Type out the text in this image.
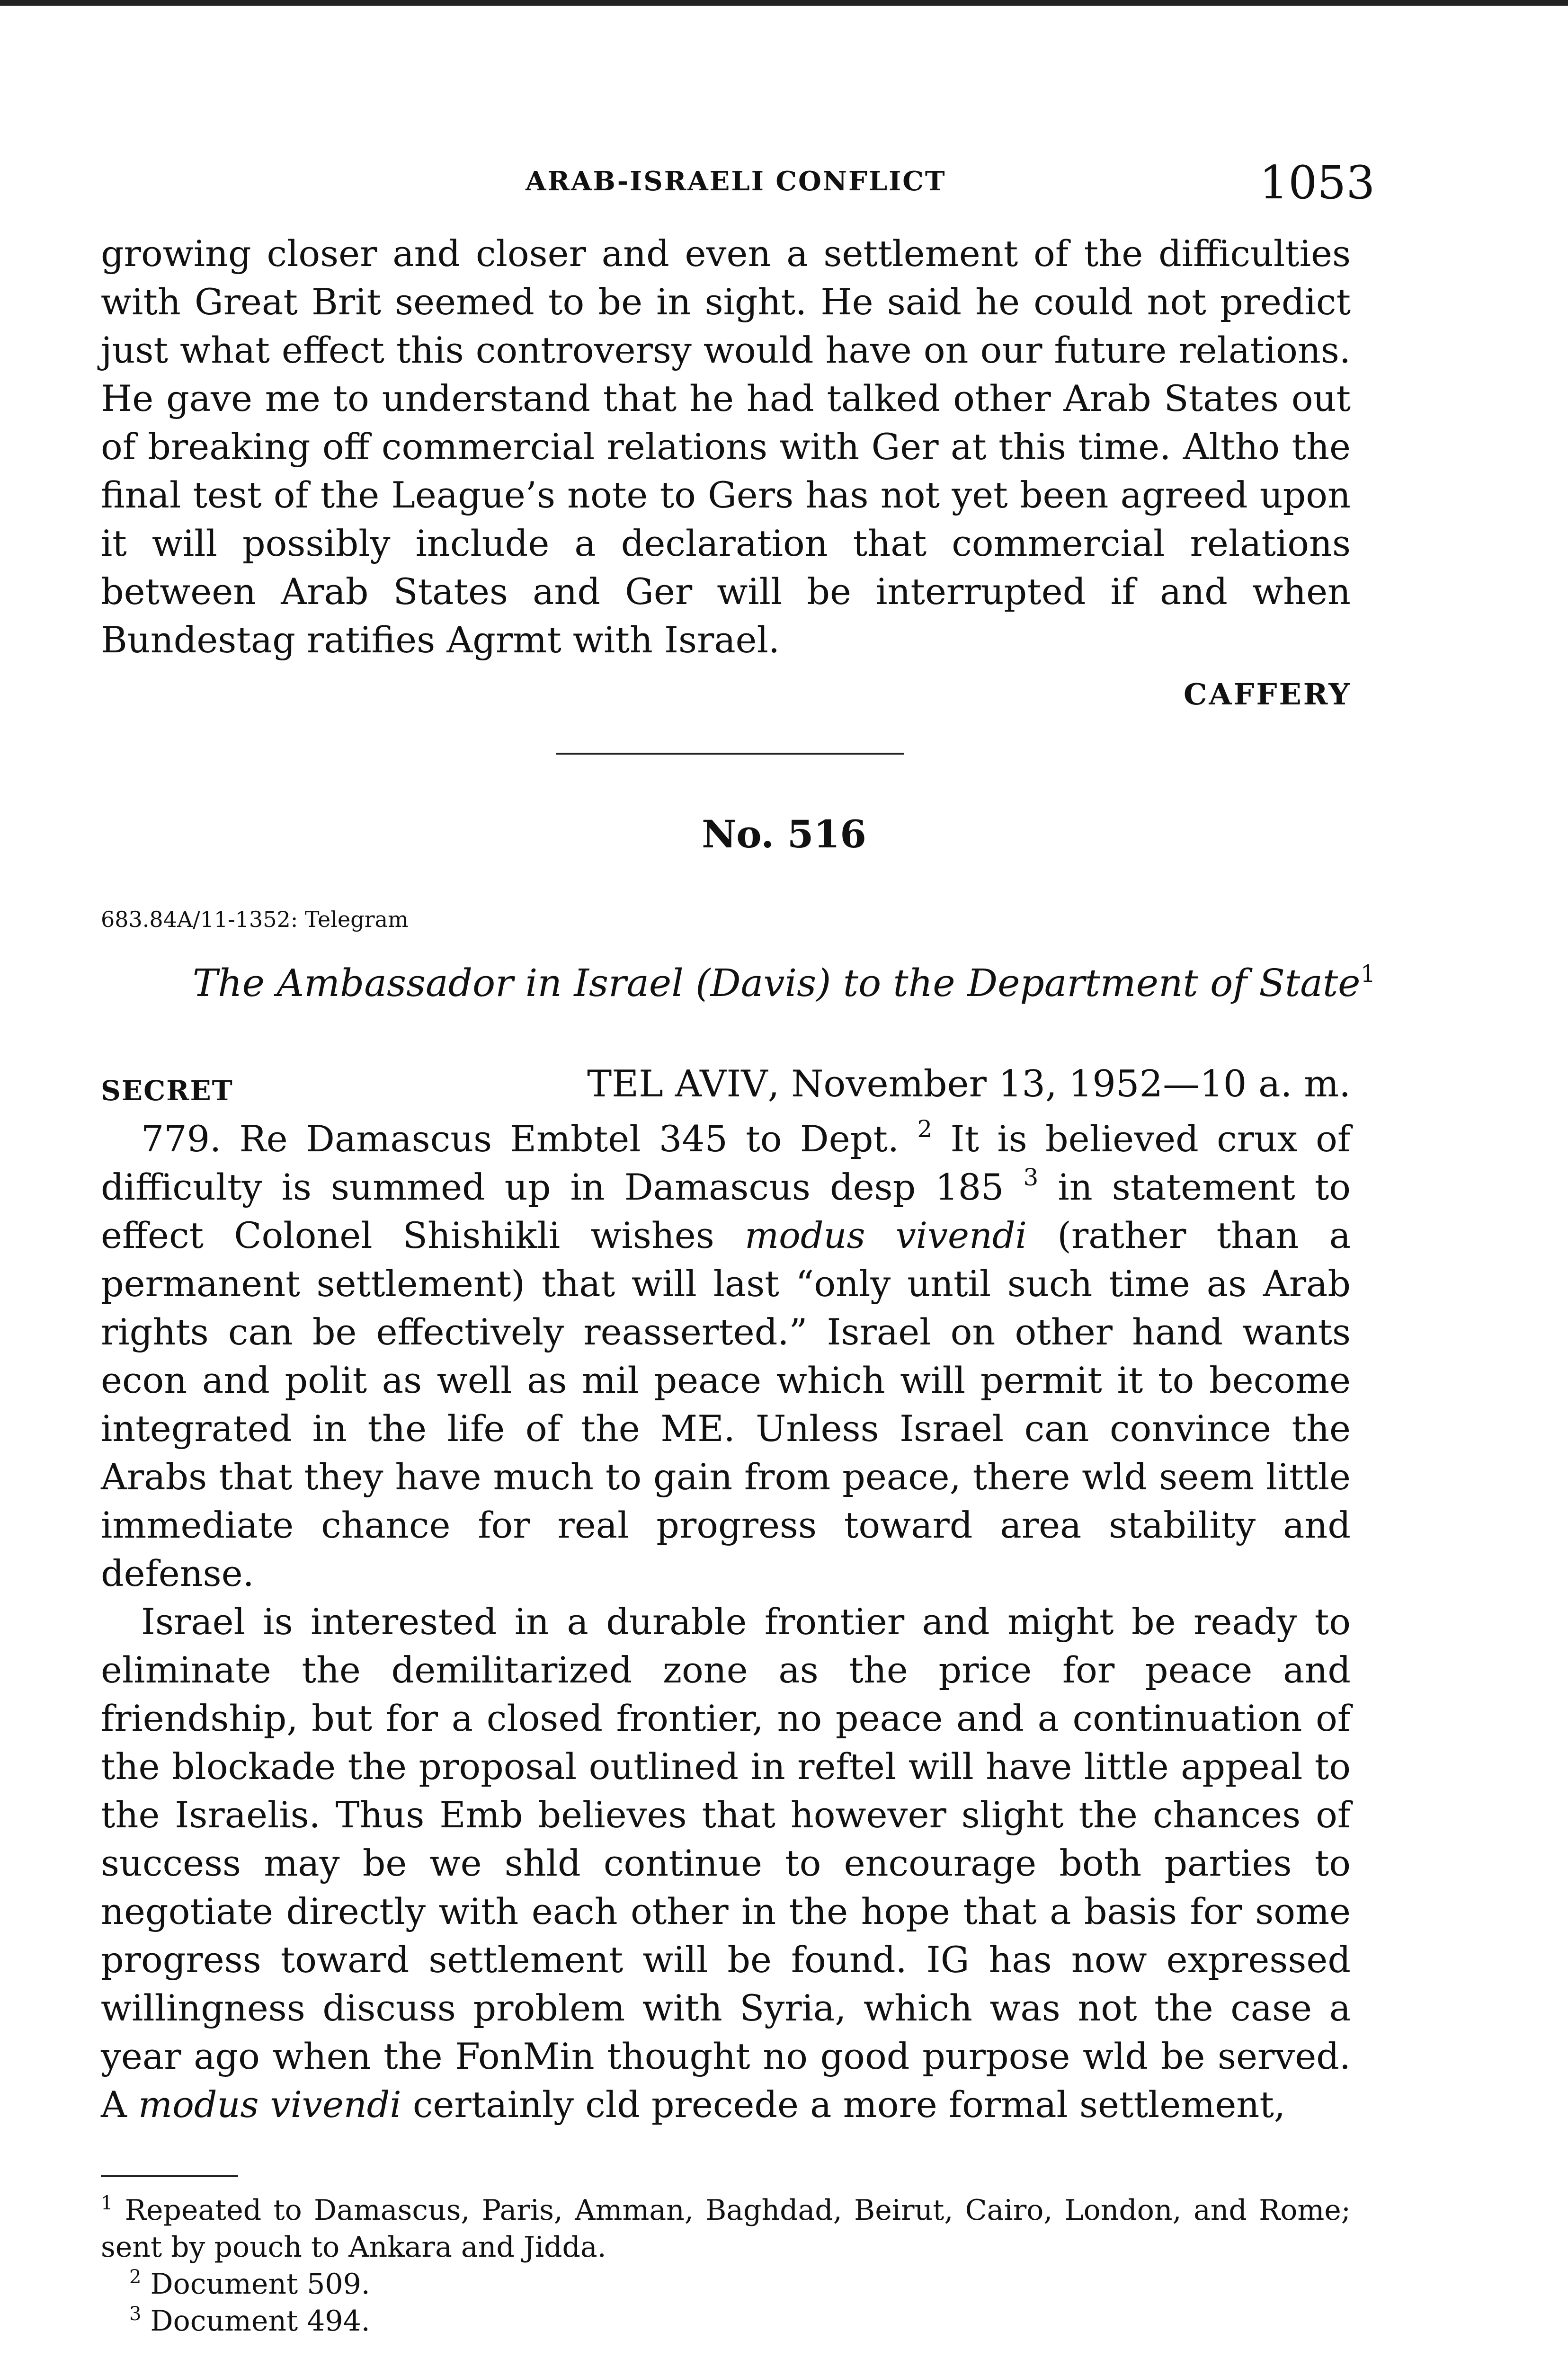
ARAB-ISRAELI CONFLICT	1053

growing closer and closer and even a settlement of the difficulties with Great Brit seemed to be in sight. He said he could not predict just what effect this controversy would have on our future relations. He gave me to understand that he had talked other Arab States out of breaking off commercial relations with Ger at this time. Altho the final test of the League’s note to Gers has not yet been agreed upon it will possibly include a declaration that commercial relations between Arab States and Ger will be interrupted if and when Bundestag ratifies Agrmt with Israel.

CAFFERY
No. 516
683.84A/11-1352: Telegram
The Ambassador in Israel (Davis) to the Department of State$^1$
SECRET	TEL AVIV, November 13, 1952—10 a. m.

779. Re Damascus Embtel 345 to Dept. $^2$ It is believed crux of difficulty is summed up in Damascus desp 185 $^3$ in statement to effect Colonel Shishikli wishes modus vivendi (rather than a permanent settlement) that will last “only until such time as Arab rights can be effectively reasserted.” Israel on other hand wants econ and polit as well as mil peace which will permit it to become integrated in the life of the ME. Unless Israel can convince the Arabs that they have much to gain from peace, there wld seem little immediate chance for real progress toward area stability and defense.

Israel is interested in a durable frontier and might be ready to eliminate the demilitarized zone as the price for peace and friendship, but for a closed frontier, no peace and a continuation of the blockade the proposal outlined in reftel will have little appeal to the Israelis. Thus Emb believes that however slight the chances of success may be we shld continue to encourage both parties to negotiate directly with each other in the hope that a basis for some progress toward settlement will be found. IG has now expressed willingness discuss problem with Syria, which was not the case a year ago when the FonMin thought no good purpose wld be served. A modus vivendi certainly cld precede a more formal settlement,

$^1$ Repeated to Damascus, Paris, Amman, Baghdad, Beirut, Cairo, London, and Rome; sent by pouch to Ankara and Jidda.

$^2$ Document 509.

$^3$ Document 494.
